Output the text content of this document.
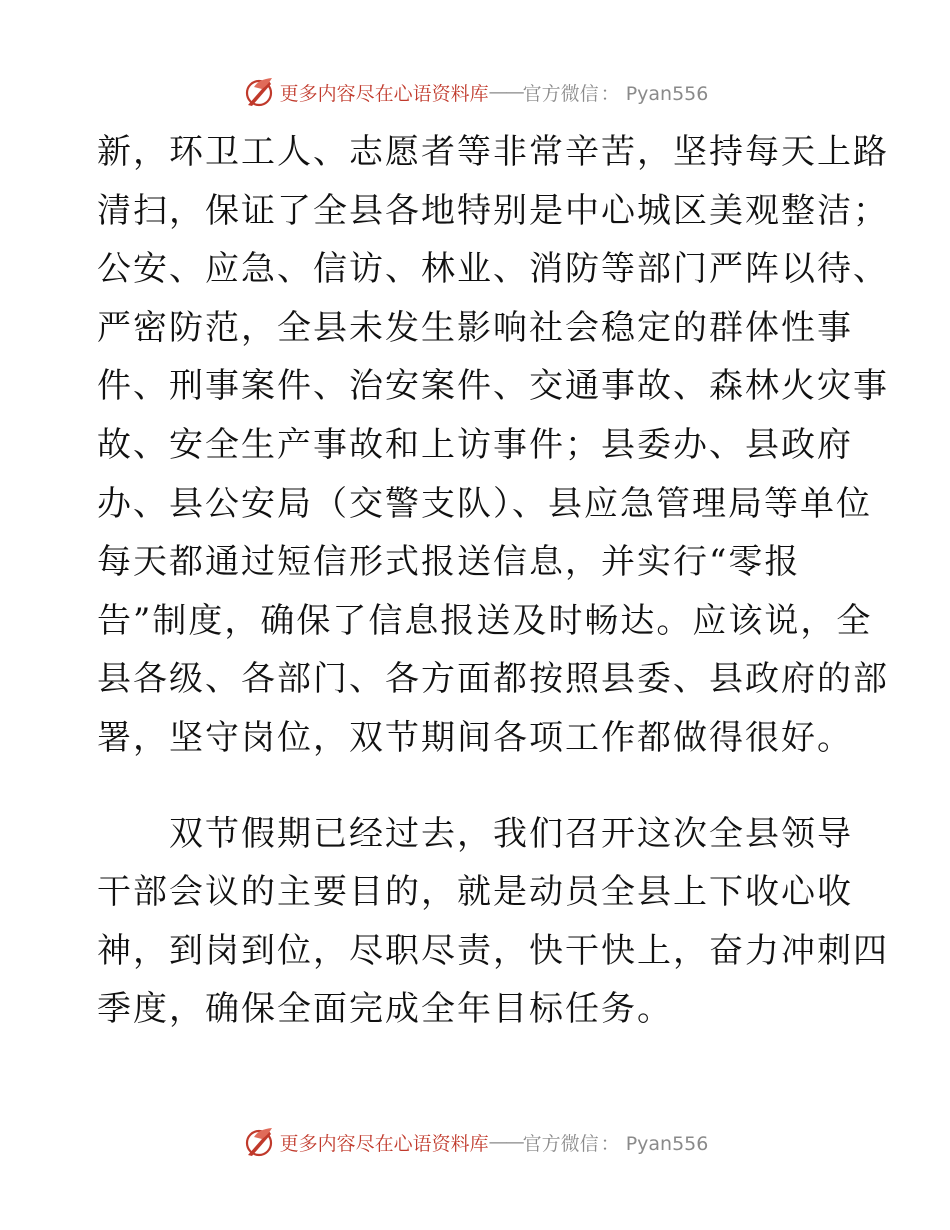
更多内容尽在心语资料库 —— 官方微信 ： Pyan556

新，环卫工人、志愿者等非常辛苦，坚持每天上路
清扫，保证了全县各地特别是中心城区美观整洁；
公安、应急、信访、林业、消防等部门严阵以待、
严密防范，全县未发生影响社会稳定的群体性事
件、刑事案件、治安案件、交通事故、森林火灾事
故、安全生产事故和上访事件；县委办、县政府
办、县公安局（交警支队）、县应急管理局等单位
每天都通过短信形式报送信息，并实行“零报
告”制度，确保了信息报送及时畅达。应该说，全
县各级、各部门、各方面都按照县委、县政府的部
署，坚守岗位，双节期间各项工作都做得很好。

　　双节假期已经过去，我们召开这次全县领导
干部会议的主要目的，就是动员全县上下收心收
神，到岗到位，尽职尽责，快干快上，奋力冲刺四
季度，确保全面完成全年目标任务。

更多内容尽在心语资料库 —— 官方微信 ： Pyan556
